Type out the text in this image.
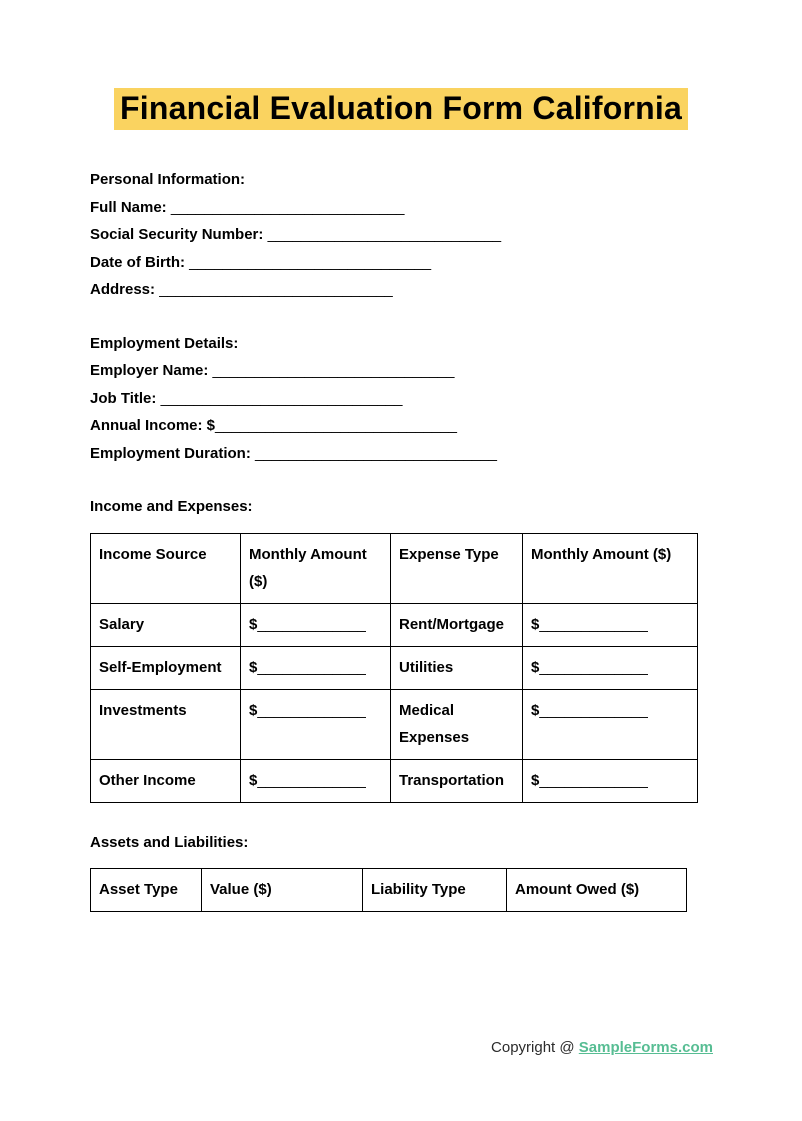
Financial Evaluation Form California

Personal Information:

Full Name: ____________________________

Social Security Number: ____________________________

Date of Birth: _____________________________

Address: ____________________________

Employment Details:

Employer Name: _____________________________

Job Title: _____________________________

Annual Income: $_____________________________

Employment Duration: _____________________________

Income and Expenses:

Income Source	Monthly Amount ($)	Expense Type	Monthly Amount ($)
Salary	$_____________	Rent/Mortgage	$_____________
Self-Employment	$_____________	Utilities	$_____________
Investments	$_____________	Medical Expenses	$_____________
Other Income	$_____________	Transportation	$_____________

Assets and Liabilities:

Asset Type	Value ($)	Liability Type	Amount Owed ($)
Copyright @ SampleForms.com
